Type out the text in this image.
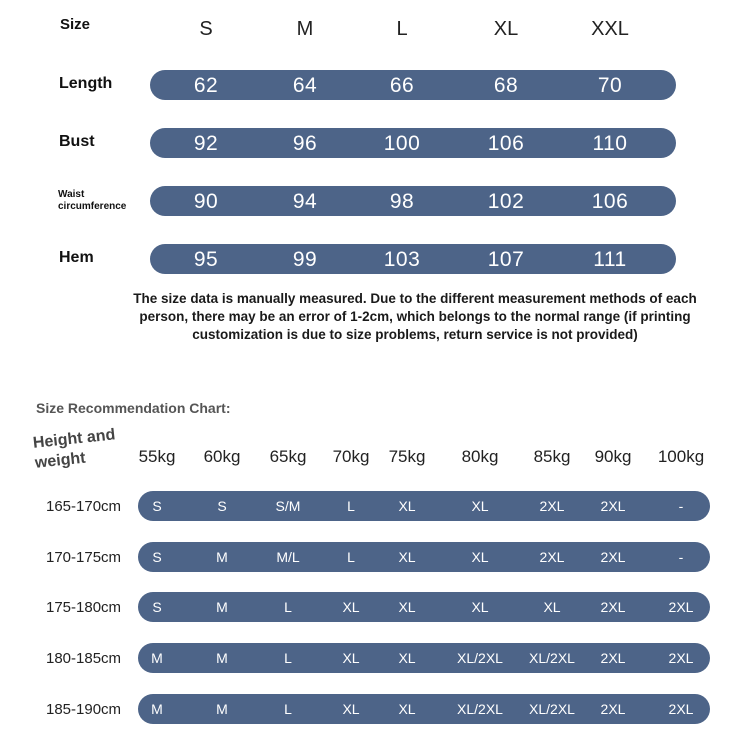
Size	S	M	L	XL	XXL
Length	62	64	66	68	70
Bust	92	96	100	106	110
Waist
circumference	90	94	98	102	106
Hem	95	99	103	107	111
The size data is manually measured. Due to the different measurement methods of each person, there may be an error of 1-2cm, which belongs to the normal range (if printing customization is due to size problems, return service is not provided)
Size Recommendation Chart:
Height and
weight	55kg	60kg	65kg	70kg	75kg	80kg	85kg	90kg	100kg
165-170cm	S	S	S/M	L	XL	XL	2XL	2XL	-
170-175cm	S	M	M/L	L	XL	XL	2XL	2XL	-
175-180cm	S	M	L	XL	XL	XL	XL	2XL	2XL
180-185cm	M	M	L	XL	XL	XL/2XL	XL/2XL	2XL	2XL
185-190cm	M	M	L	XL	XL	XL/2XL	XL/2XL	2XL	2XL
